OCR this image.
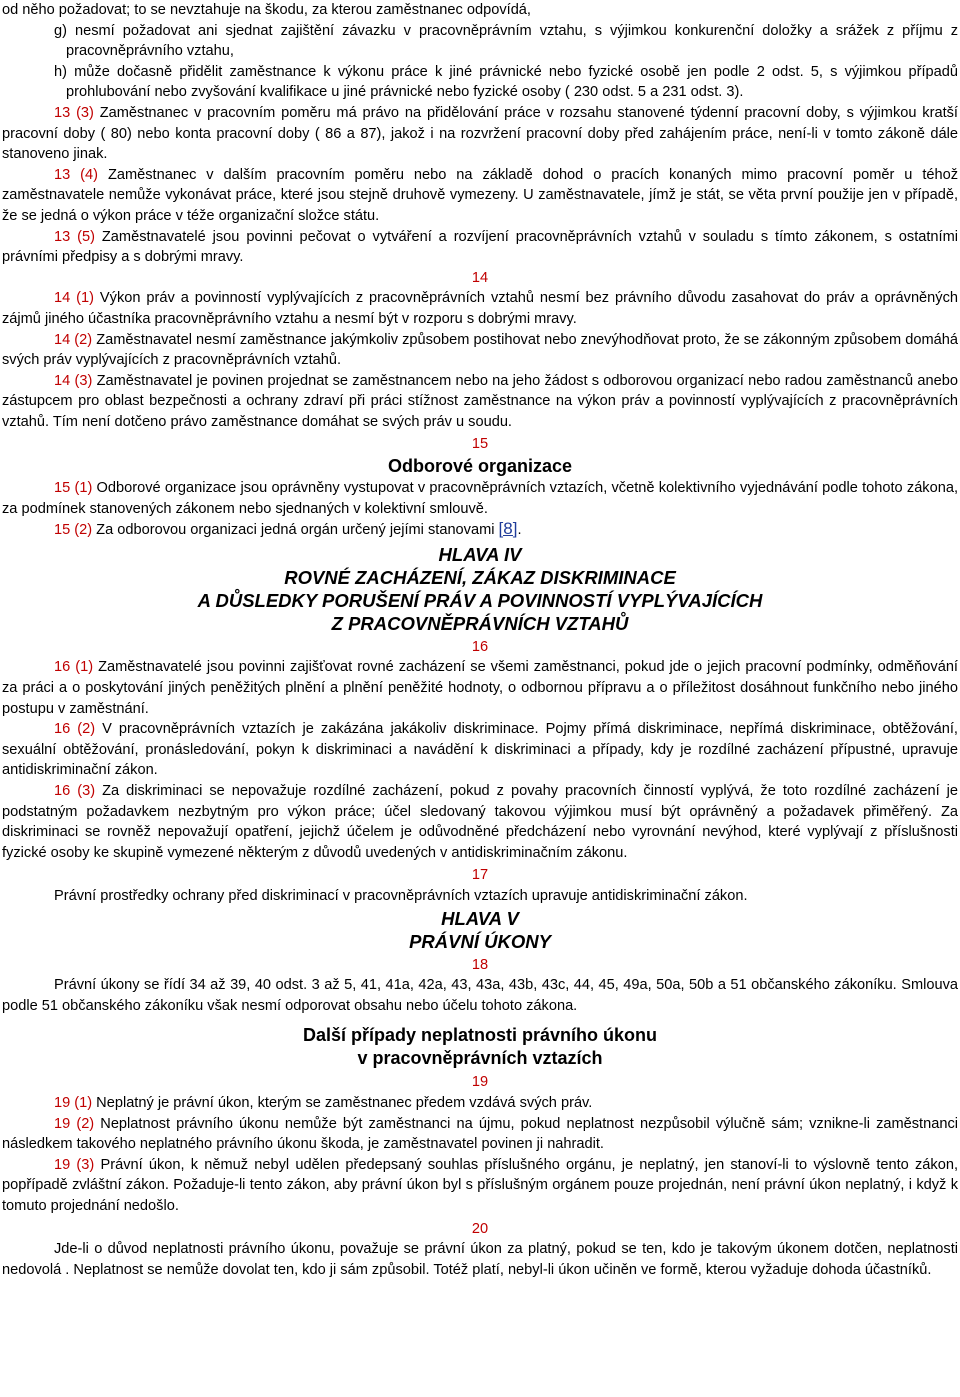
od něho požadovat; to se nevztahuje na škodu, za kterou zaměstnanec odpovídá,

g) nesmí požadovat ani sjednat zajištění závazku v pracovněprávním vztahu, s výjimkou konkurenční doložky a srážek z příjmu z pracovněprávního vztahu,

h) může dočasně přidělit zaměstnance k výkonu práce k jiné právnické nebo fyzické osobě jen podle 2 odst. 5, s výjimkou případů prohlubování nebo zvyšování kvalifikace u jiné právnické nebo fyzické osoby ( 230 odst. 5 a 231 odst. 3).

13 (3) Zaměstnanec v pracovním poměru má právo na přidělování práce v rozsahu stanovené týdenní pracovní doby, s výjimkou kratší pracovní doby ( 80) nebo konta pracovní doby ( 86 a 87), jakož i na rozvržení pracovní doby před zahájením práce, není-li v tomto zákoně dále stanoveno jinak.

13 (4) Zaměstnanec v dalším pracovním poměru nebo na základě dohod o pracích konaných mimo pracovní poměr u téhož zaměstnavatele nemůže vykonávat práce, které jsou stejně druhově vymezeny. U zaměstnavatele, jímž je stát, se věta první použije jen v případě, že se jedná o výkon práce v téže organizační složce státu.

13 (5) Zaměstnavatelé jsou povinni pečovat o vytváření a rozvíjení pracovněprávních vztahů v souladu s tímto zákonem, s ostatními právními předpisy a s dobrými mravy.

14

14 (1) Výkon práv a povinností vyplývajících z pracovněprávních vztahů nesmí bez právního důvodu zasahovat do práv a oprávněných zájmů jiného účastníka pracovněprávního vztahu a nesmí být v rozporu s dobrými mravy.

14 (2) Zaměstnavatel nesmí zaměstnance jakýmkoliv způsobem postihovat nebo znevýhodňovat proto, že se zákonným způsobem domáhá svých práv vyplývajících z pracovněprávních vztahů.

14 (3) Zaměstnavatel je povinen projednat se zaměstnancem nebo na jeho žádost s odborovou organizací nebo radou zaměstnanců anebo zástupcem pro oblast bezpečnosti a ochrany zdraví při práci stížnost zaměstnance na výkon práv a povinností vyplývajících z pracovněprávních vztahů. Tím není dotčeno právo zaměstnance domáhat se svých práv u soudu.

15

Odborové organizace

15 (1) Odborové organizace jsou oprávněny vystupovat v pracovněprávních vztazích, včetně kolektivního vyjednávání podle tohoto zákona, za podmínek stanovených zákonem nebo sjednaných v kolektivní smlouvě.

15 (2) Za odborovou organizaci jedná orgán určený jejími stanovami [8].

HLAVA IV

ROVNÉ ZACHÁZENÍ, ZÁKAZ DISKRIMINACE

A DŮSLEDKY PORUŠENÍ PRÁV A POVINNOSTÍ VYPLÝVAJÍCÍCH

Z PRACOVNĚPRÁVNÍCH VZTAHŮ

16

16 (1) Zaměstnavatelé jsou povinni zajišťovat rovné zacházení se všemi zaměstnanci, pokud jde o jejich pracovní podmínky, odměňování za práci a o poskytování jiných peněžitých plnění a plnění peněžité hodnoty, o odbornou přípravu a o příležitost dosáhnout funkčního nebo jiného postupu v zaměstnání.

16 (2) V pracovněprávních vztazích je zakázána jakákoliv diskriminace. Pojmy přímá diskriminace, nepřímá diskriminace, obtěžování, sexuální obtěžování, pronásledování, pokyn k diskriminaci a navádění k diskriminaci a případy, kdy je rozdílné zacházení přípustné, upravuje antidiskriminační zákon.

16 (3) Za diskriminaci se nepovažuje rozdílné zacházení, pokud z povahy pracovních činností vyplývá, že toto rozdílné zacházení je podstatným požadavkem nezbytným pro výkon práce; účel sledovaný takovou výjimkou musí být oprávněný a požadavek přiměřený. Za diskriminaci se rovněž nepovažují opatření, jejichž účelem je odůvodněné předcházení nebo vyrovnání nevýhod, které vyplývají z příslušnosti fyzické osoby ke skupině vymezené některým z důvodů uvedených v antidiskriminačním zákonu.

17

Právní prostředky ochrany před diskriminací v pracovněprávních vztazích upravuje antidiskriminační zákon.

HLAVA V

PRÁVNÍ ÚKONY

18

Právní úkony se řídí 34 až 39, 40 odst. 3 až 5, 41, 41a, 42a, 43, 43a, 43b, 43c, 44, 45, 49a, 50a, 50b a 51 občanského zákoníku. Smlouva podle 51 občanského zákoníku však nesmí odporovat obsahu nebo účelu tohoto zákona.

Další případy neplatnosti právního úkonu

v pracovněprávních vztazích

19

19 (1) Neplatný je právní úkon, kterým se zaměstnanec předem vzdává svých práv.

19 (2) Neplatnost právního úkonu nemůže být zaměstnanci na újmu, pokud neplatnost nezpůsobil výlučně sám; vznikne-li zaměstnanci následkem takového neplatného právního úkonu škoda, je zaměstnavatel povinen ji nahradit.

19 (3) Právní úkon, k němuž nebyl udělen předepsaný souhlas příslušného orgánu, je neplatný, jen stanoví-li to výslovně tento zákon, popřípadě zvláštní zákon. Požaduje-li tento zákon, aby právní úkon byl s příslušným orgánem pouze projednán, není právní úkon neplatný, i když k tomuto projednání nedošlo.

20

Jde-li o důvod neplatnosti právního úkonu, považuje se právní úkon za platný, pokud se ten, kdo je takovým úkonem dotčen, neplatnosti nedovolá . Neplatnost se nemůže dovolat ten, kdo ji sám způsobil. Totéž platí, nebyl-li úkon učiněn ve formě, kterou vyžaduje dohoda účastníků.
